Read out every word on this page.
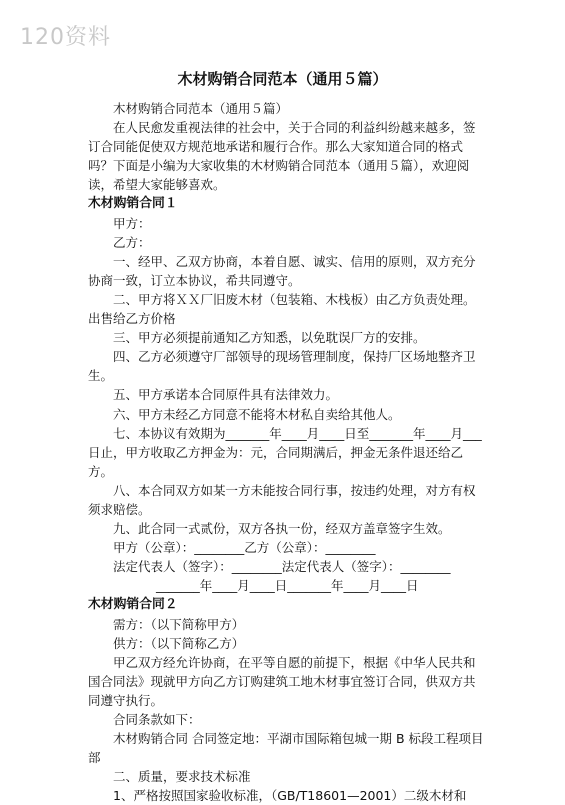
120资料
木材购销合同范本（通用５篇）

木材购销合同范本（通用５篇）

在人民愈发重视法律的社会中，关于合同的利益纠纷越来越多，签订合同能促使双方规范地承诺和履行合作。那么大家知道合同的格式吗？下面是小编为大家收集的木材购销合同范本（通用５篇），欢迎阅读，希望大家能够喜欢。

木材购销合同１

甲方：

乙方：

一、经甲、乙双方协商，本着自愿、诚实、信用的原则，双方充分协商一致，订立本协议，希共同遵守。

二、甲方将ＸＸ厂旧废木材（包装箱、木栈板）由乙方负责处理。出售给乙方价格

三、甲方必须提前通知乙方知悉，以免耽误厂方的安排。

四、乙方必须遵守厂部领导的现场管理制度，保持厂区场地整齐卫生。

五、甲方承诺本合同原件具有法律效力。

六、甲方未经乙方同意不能将木材私自卖给其他人。

七、本协议有效期为_______年____月____日至_______年____月___日止，甲方收取乙方押金为：元，合同期满后，押金无条件退还给乙方。

八、本合同双方如某一方未能按合同行事，按违约处理，对方有权须求赔偿。

九、此合同一式贰份，双方各执一份，经双方盖章签字生效。

甲方（公章）：________乙方（公章）：________

法定代表人（签字）：________法定代表人（签字）：________

_______年____月____日_______年____月____日

木材购销合同２

需方：（以下简称甲方）

供方：（以下简称乙方）

甲乙双方经允许协商，在平等自愿的前提下，根据《中华人民共和国合同法》现就甲方向乙方订购建筑工地木材事宜签订合同，供双方共同遵守执行。

合同条款如下：

木材购销合同 合同签定地：平湖市国际箱包城一期 B 标段工程项目部

二、质量，要求技术标准

1、严格按照国家验收标准，（GB/T18601—2001）二级木材和
